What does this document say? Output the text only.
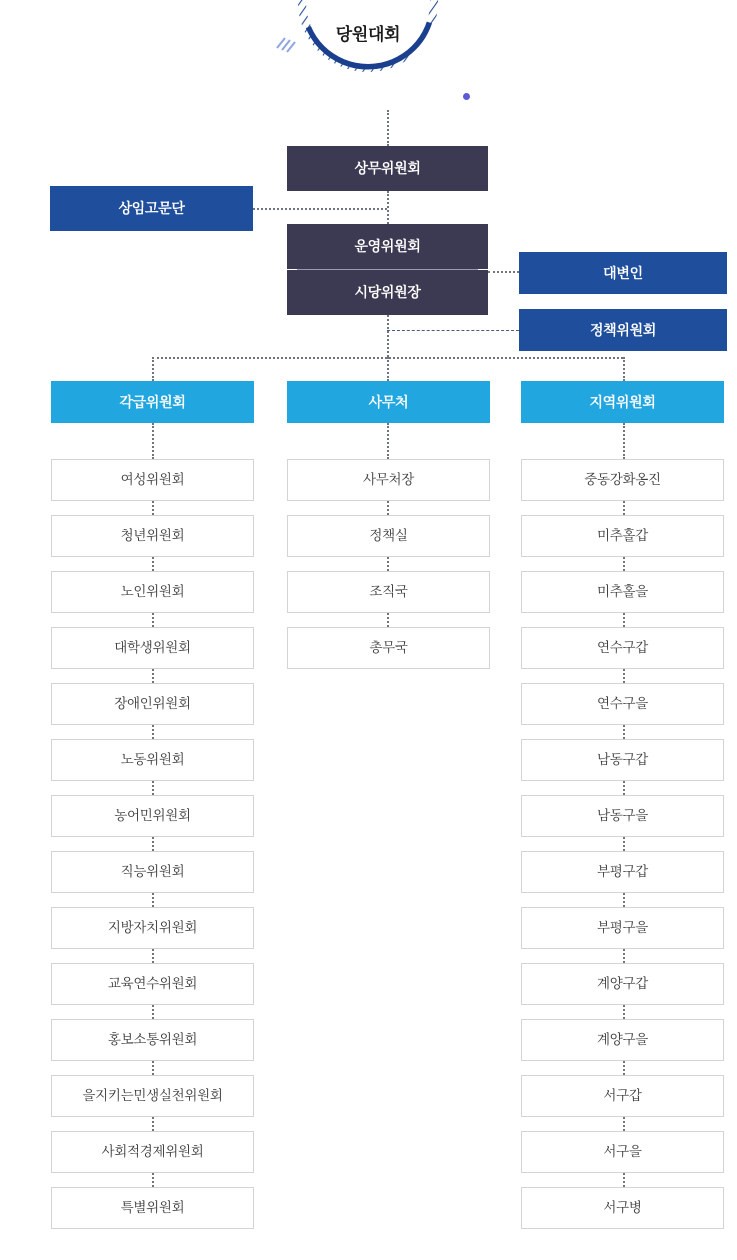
당원대회
상무위원회
상임고문단
운영위원회
시당위원장
대변인
정책위원회
각급위원회	사무처	지역위원회
여성위원회
청년위원회
노인위원회
대학생위원회
장애인위원회
노동위원회
농어민위원회
직능위원회
지방자치위원회
교육연수위원회
홍보소통위원회
을지키는민생실천위원회
사회적경제위원회
특별위원회
사무처장
정책실
조직국
총무국
중동강화옹진
미추홀갑
미추홀을
연수구갑
연수구을
남동구갑
남동구을
부평구갑
부평구을
계양구갑
계양구을
서구갑
서구을
서구병
